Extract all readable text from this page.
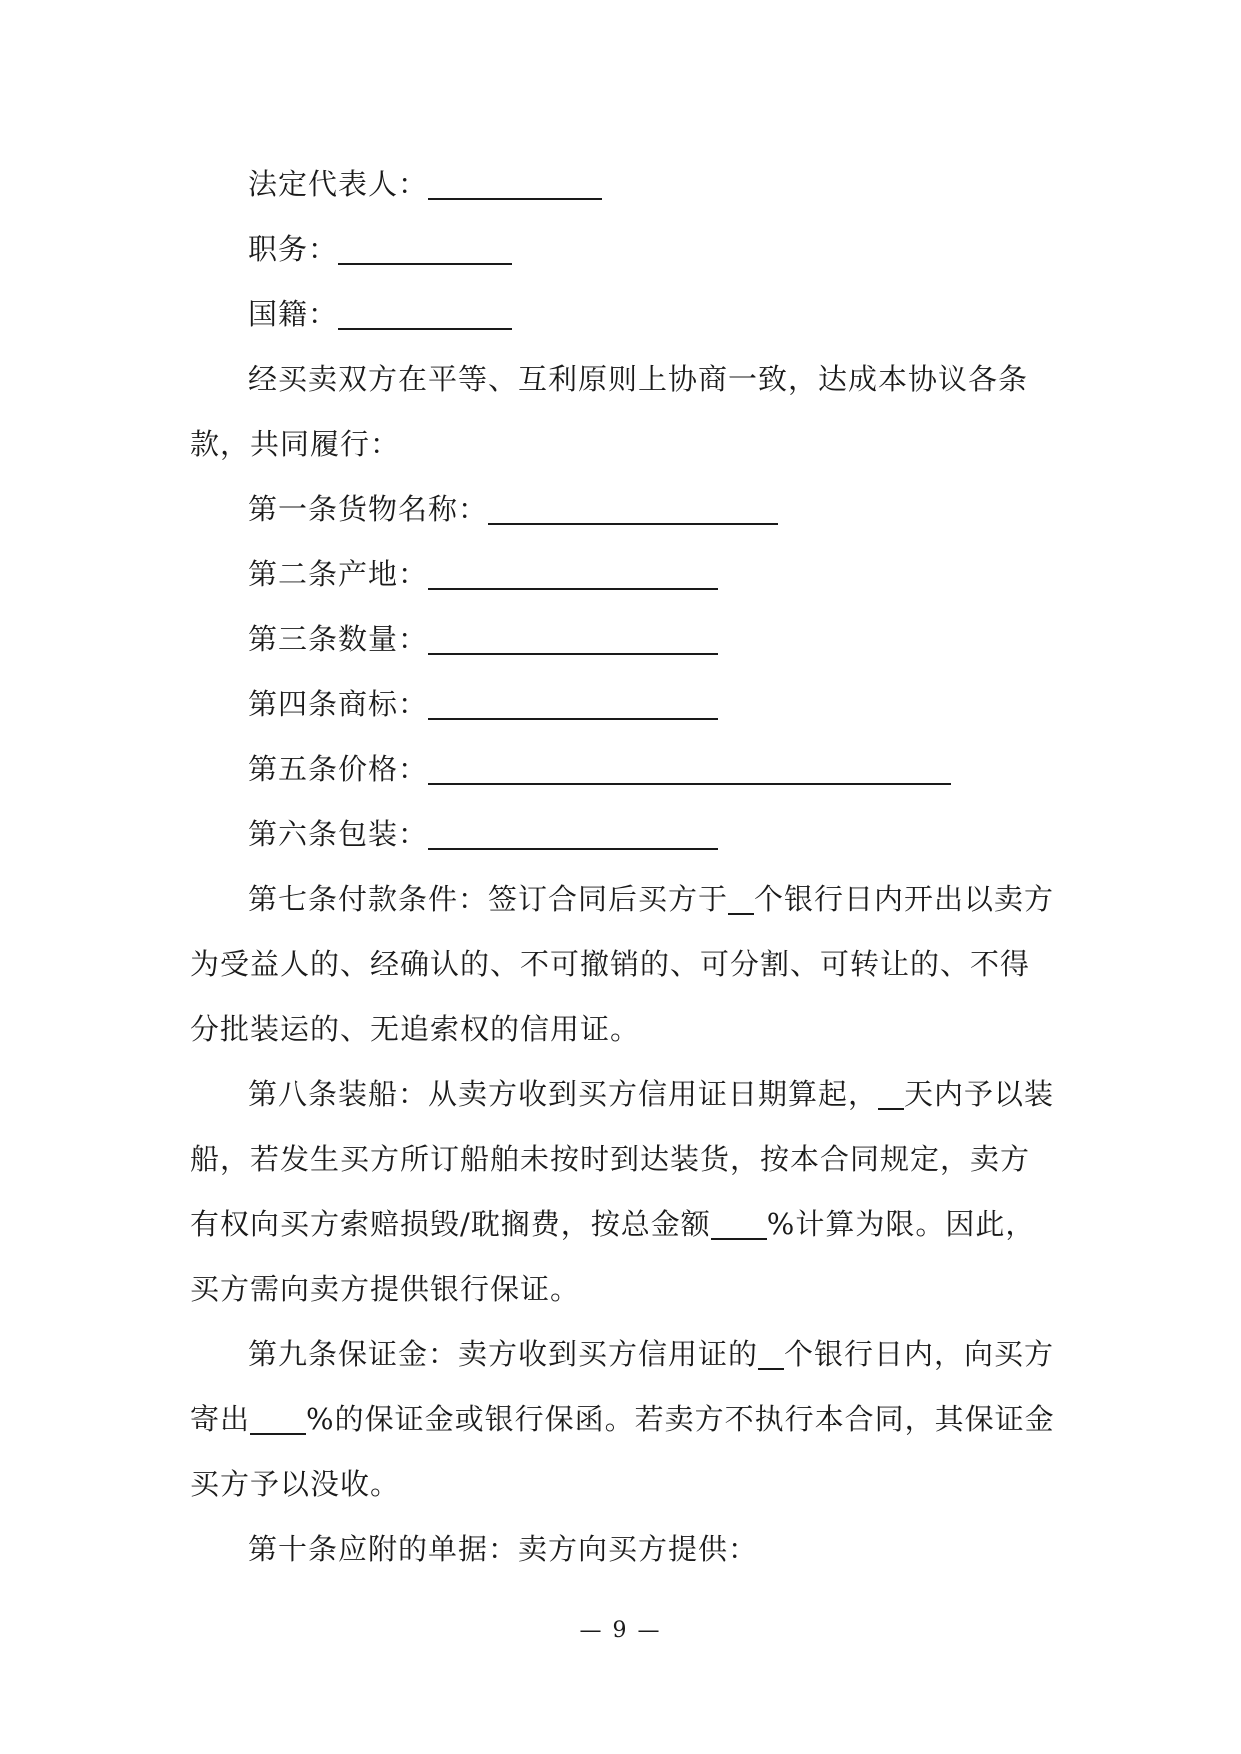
法定代表人：

职务：

国籍：

经买卖双方在平等、互利原则上协商一致，达成本协议各条款，共同履行：

第一条货物名称：

第二条产地：

第三条数量：

第四条商标：

第五条价格：

第六条包装：

第七条付款条件：签订合同后买方于 个银行日内开出以卖方为受益人的、经确认的、不可撤销的、可分割、可转让的、不得分批装运的、无追索权的信用证。

第八条装船：从卖方收到买方信用证日期算起， 天内予以装船，若发生买方所订船舶未按时到达装货，按本合同规定，卖方有权向买方索赔损毁/耽搁费，按总金额 %计算为限。因此，买方需向卖方提供银行保证。

第九条保证金：卖方收到买方信用证的 个银行日内，向买方寄出 %的保证金或银行保函。若卖方不执行本合同，其保证金买方予以没收。

第十条应附的单据：卖方向买方提供：

— 9 —
